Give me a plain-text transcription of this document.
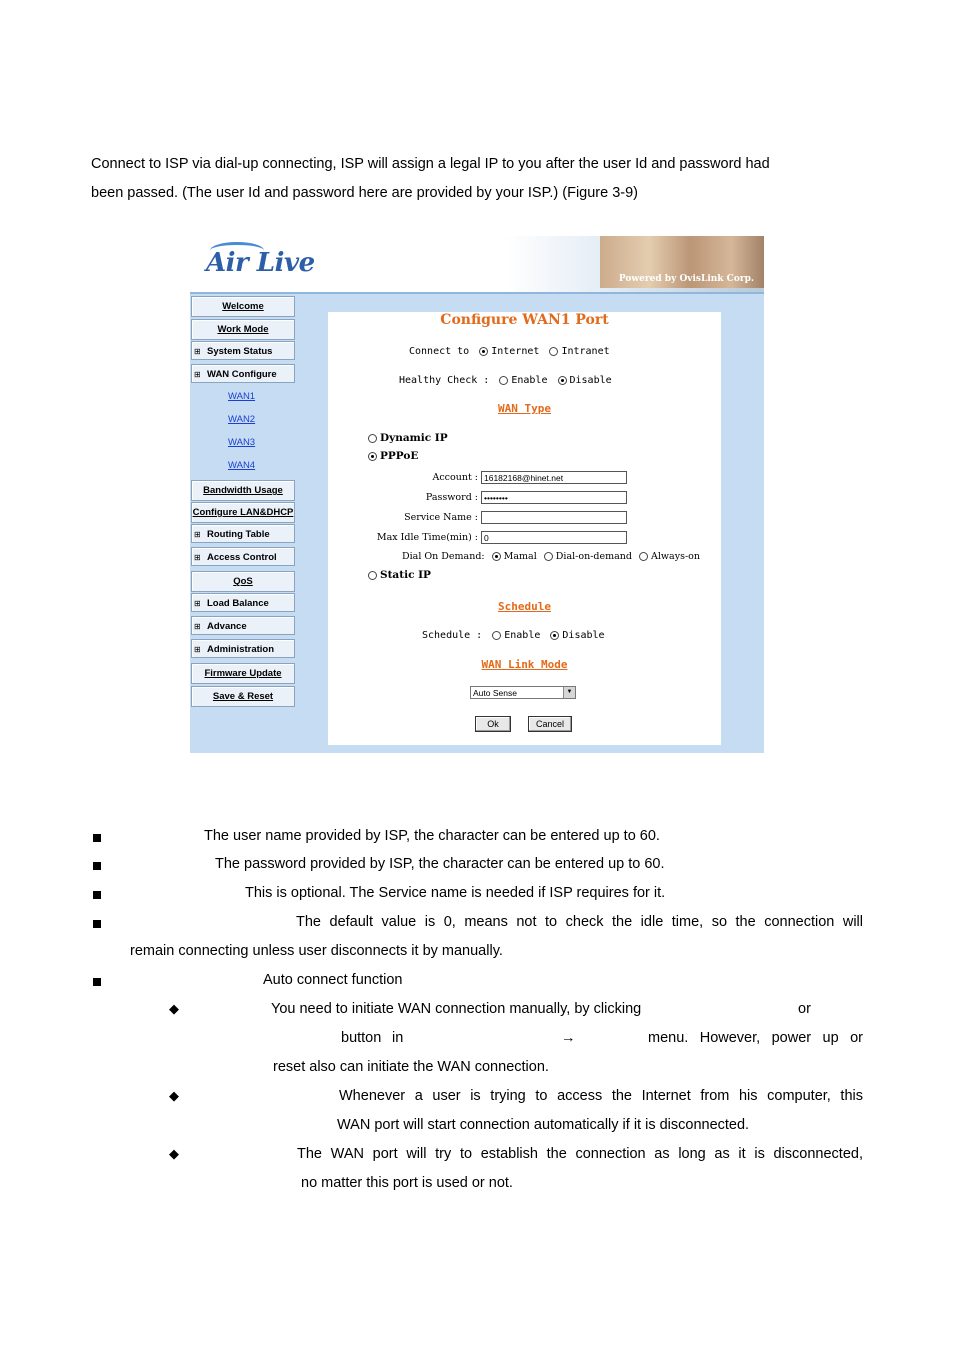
Connect to ISP via dial-up connecting, ISP will assign a legal IP to you after the user Id and password had

been passed. (The user Id and password here are provided by your ISP.) (Figure 3-9)

Air Live
Powered by OvisLink Corp.
Welcome
Work Mode
⊞ System Status
⊞ WAN Configure
WAN1
WAN2
WAN3
WAN4
Bandwidth Usage
Configure LAN&DHCP
⊞ Routing Table
⊞ Access Control
QoS
⊞ Load Balance
⊞ Advance
⊞ Administration
Firmware Update
Save & Reset
Configure WAN1 Port
Connect to Internet Intranet
Healthy Check : Enable Disable
WAN Type
Dynamic IP
PPPoE
Account : 16182168@hinet.net
Password : ••••••••
Service Name :
Max Idle Time(min) : 0
Dial On Demand: Mamal Dial-on-demand Always-on
Static IP
Schedule
Schedule : Enable Disable
WAN Link Mode
Auto Sense	▼
Ok	Cancel
The user name provided by ISP, the character can be entered up to 60.
The password provided by ISP, the character can be entered up to 60.
This is optional. The Service name is needed if ISP requires for it.
The default value is 0, means not to check the idle time, so the connection will
remain connecting unless user disconnects it by manually.
Auto connect function
◆	You need to initiate WAN connection manually, by clicking	or
button in	→	menu. However, power up or
reset also can initiate the WAN connection.
◆	Whenever a user is trying to access the Internet from his computer, this
WAN port will start connection automatically if it is disconnected.
◆	The WAN port will try to establish the connection as long as it is disconnected,
no matter this port is used or not.
